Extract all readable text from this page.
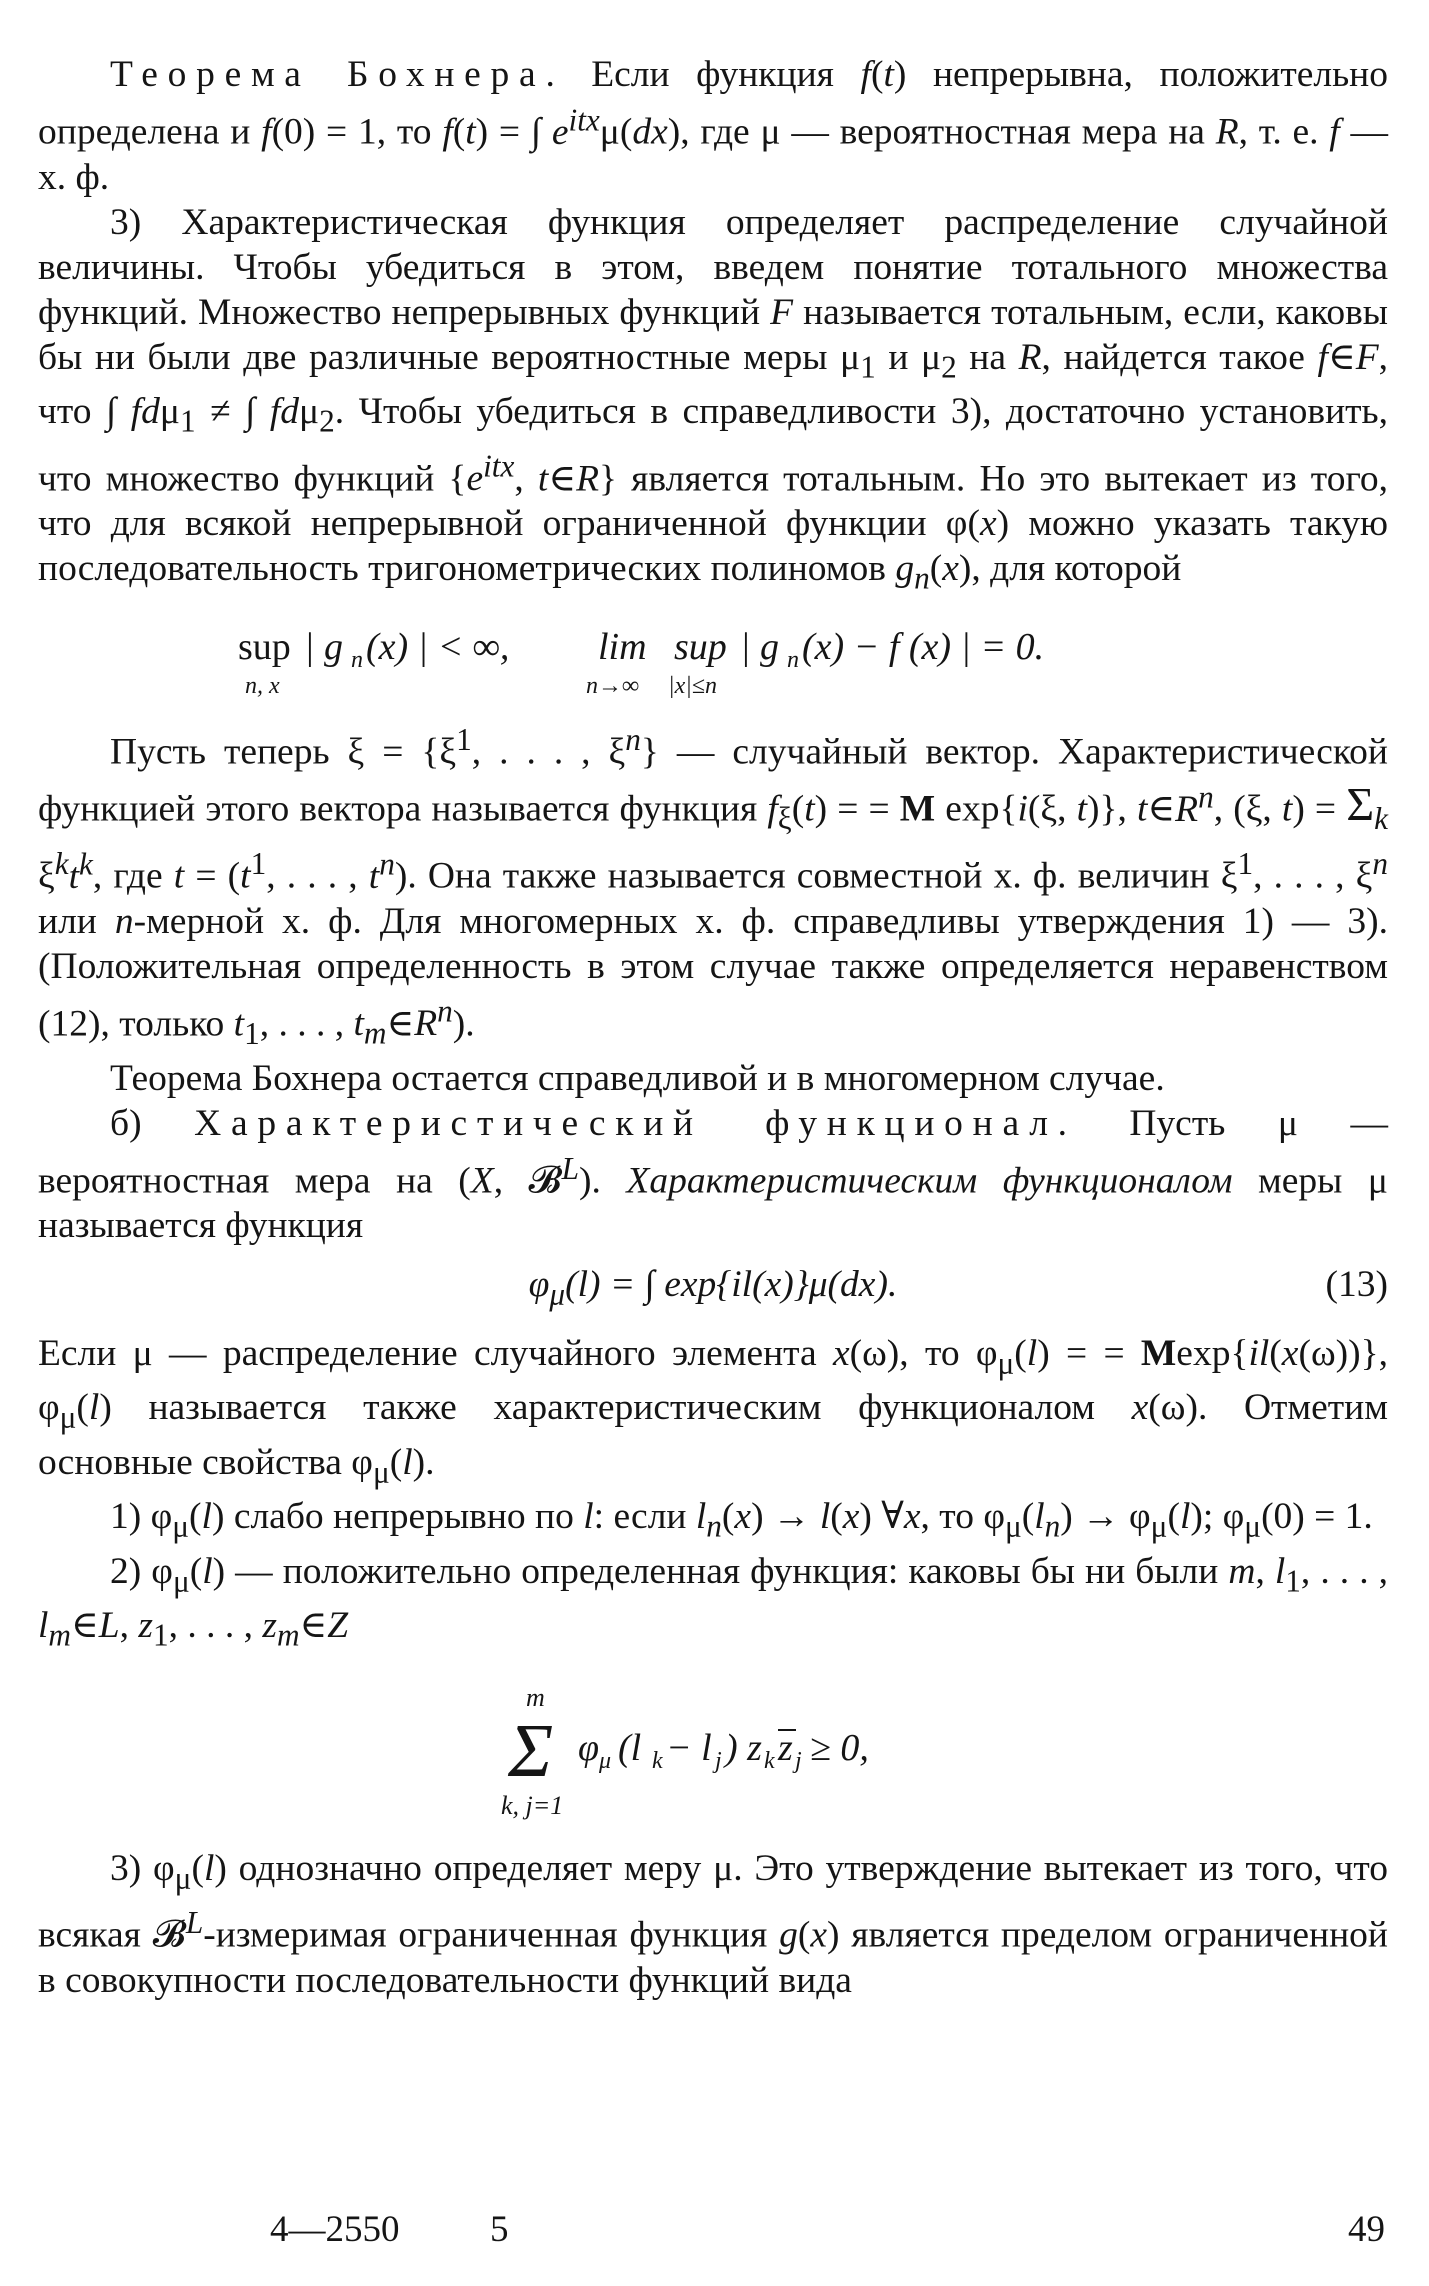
Теорема Бохнера. Если функция f(t) непрерывна, положительно определена и f(0) = 1, то f(t) = ∫ $e^{itx}\mu(dx)$, где μ — вероятностная мера на R, т. е. f — х. ф.

3) Характеристическая функция определяет распределение случайной величины. Чтобы убедиться в этом, введем понятие тотального множества функций. Множество непрерывных функций F называется тотальным, если, каковы бы ни были две различные вероятностные меры $\mu_1$ и $\mu_2$ на R, найдется такое f∈F, что ∫ fdμ$_1$ ≠ ∫ fdμ$_2$. Чтобы убедиться в справедливости 3), достаточно установить, что множество функций {$e^{itx}$, t∈R} является тотальным. Но это вытекает из того, что для всякой непрерывной ограниченной функции φ(x) можно указать такую последовательность тригонометрических полиномов $g_n(x)$, для которой

sup
n, x
| g n (x) | < ∞, lim
n→∞
sup
|x|≤n
| g n (x) − f (x) | = 0.

Пусть теперь $\xi = \{\xi^1$, . . . , $\xi^n$} — случайный вектор. Характеристической функцией этого вектора называется функция $f_\xi(t)$ = = M exp{i(ξ, t)}, $t\in R^n$, (ξ, $t) = \Sigma_k$ $\xi^kt^k$, где $t = (t^1$, . . . , $t^n$). Она также называется совместной х. ф. величин $\xi^1$, . . . , $\xi^n$ или n-мерной х. ф. Для многомерных х. ф. справедливы утверждения 1) — 3). (Положительная определенность в этом случае также определяется неравенством (12), только $t_1$, . . . , $t_m\in R^n$).

Теорема Бохнера остается справедливой и в многомерном случае.

б) Характеристический функционал. Пусть μ — вероятностная мера на (X, 𝓑$^L$). Характеристическим функционалом меры μ называется функция

$\varphi_\mu(l)$ = ∫ exp{il(x)}μ(dx).	(13)

Если μ — распределение случайного элемента x(ω), то $\varphi_\mu(l)$ = = Mexp{il(x(ω))}, $\varphi_\mu(l)$ называется также характеристическим функционалом x(ω). Отметим основные свойства $\varphi_\mu(l)$.

1) $\varphi_\mu(l)$ слабо непрерывно по l: если $l_n(x) \to l(x)$ ∀x, то $\varphi_\mu(l_n) \to \varphi_\mu(l)$; $\varphi_\mu(0) = 1$.

2) $\varphi_\mu(l)$ — положительно определенная функция: каковы бы ни были m, $l_1$, . . . , $l_m\in L$, $z_1$, . . . , $z_m\in Z$

m
Σ
k, j=1
φ μ (l k − l j ) z k z j ≥ 0,

3) $\varphi_\mu(l)$ однозначно определяет меру μ. Это утверждение вытекает из того, что всякая 𝓑$^L$-измеримая ограниченная функция g(x) является пределом ограниченной в совокупности последовательности функций вида

4—2550 5	49
